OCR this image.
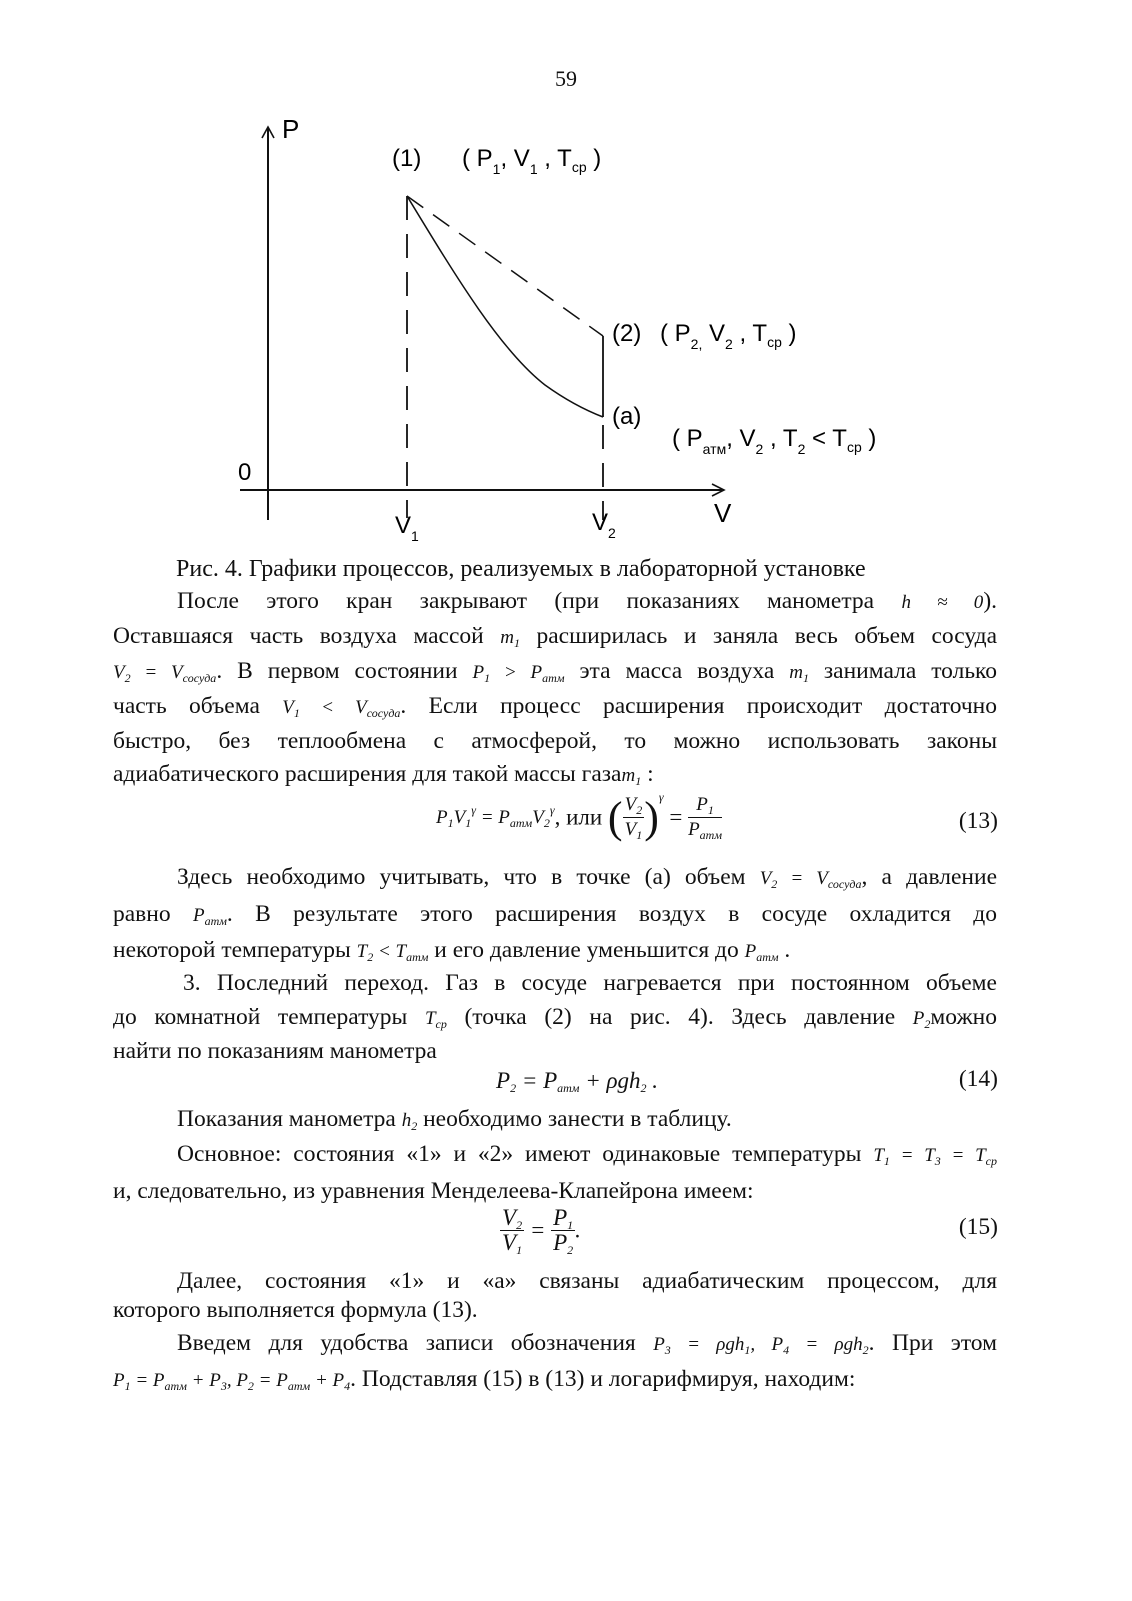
59
P
V
0
$V_1$	$V_2$
(1) ( $P_1$, $V_1$ , $T_{ср}$ )
(2) ( $P_{2,}$ $V_2$ , $T_{ср}$ )
(a)
( $P_{атм}$, $V_2$ , $T_2 < T_{ср}$ )
Рис. 4. Графики процессов, реализуемых в лабораторной установке
После этого кран закрывают (при показаниях манометра h ≈ 0).
Оставшаяся часть воздуха массой $m_1$ расширилась и заняла весь объем сосуда
$V_2 = V_{сосуда}$. В первом состоянии $P_1 > P_{атм}$ эта масса воздуха $m_1$ занимала только
часть объема $V_1 < V_{сосуда}$. Если процесс расширения происходит достаточно
быстро, без теплообмена с атмосферой, то можно использовать законы
адиабатического расширения для такой массы газаm$_1$ :
$P_1V_1^\gamma = P_{атм}V_2^\gamma$, или ( $\frac{V_2}{V_1} )^\gamma = \frac{P_1}{P_{атм}}$	(13)
Здесь необходимо учитывать, что в точке (а) объем $V_2 = V_{сосуда}$, а давление
равно $P_{атм}$. В результате этого расширения воздух в сосуде охладится до
некоторой температуры $T_2 < T_{атм}$ и его давление уменьшится до $P_{атм}$ .
3. Последний переход. Газ в сосуде нагревается при постоянном объеме
до комнатной температуры $T_{ср}$ (точка (2) на рис. 4). Здесь давление $P_2можно$
найти по показаниям манометра
$P_2 = P_{атм} + \rho gh_2$ .	(14)
Показания манометра $h_2$ необходимо занести в таблицу.
Основное: состояния «1» и «2» имеют одинаковые температуры $T_1 = T_3 = T_{ср}$
и, следовательно, из уравнения Менделеева-Клапейрона имеем:
$\frac{V_2}{V_1} = \frac{P_1}{P_2}$ .	(15)
Далее, состояния «1» и «а» связаны адиабатическим процессом, для
которого выполняется формула (13).
Введем для удобства записи обозначения $P_3 = \rho gh_1$, $P_4 = \rho gh_2$. При этом
$P_1 = P_{атм} + P_3$, $P_2 = P_{атм} + P_4$. Подставляя (15) в (13) и логарифмируя, находим:
